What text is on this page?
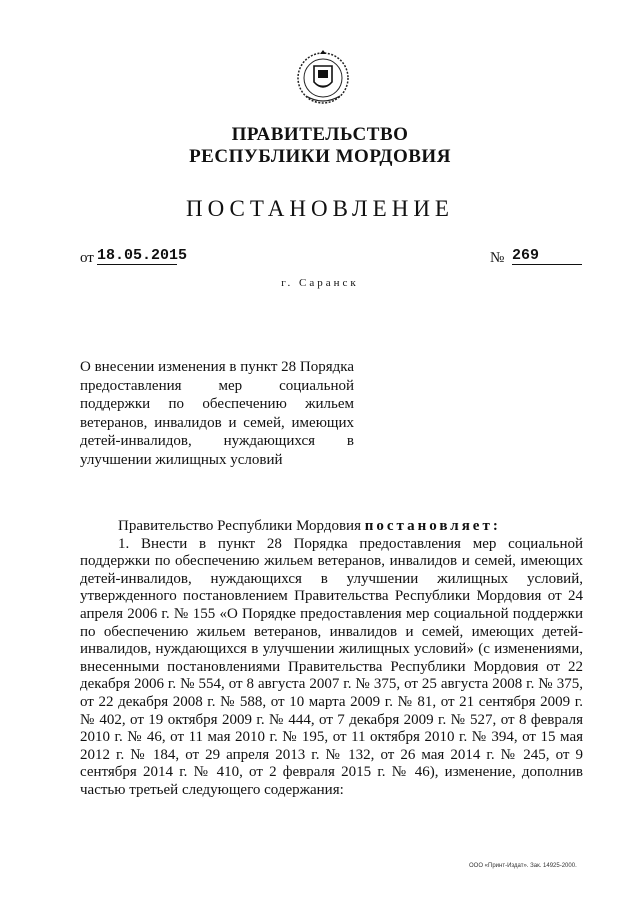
ПРАВИТЕЛЬСТВО
РЕСПУБЛИКИ МОРДОВИЯ
ПОСТАНОВЛЕНИЕ
от 18.05.2015	№ 269
г. Саранск
О внесении изменения в пункт 28 Порядка предоставления мер социальной поддержки по обеспечению жильем ветеранов, инвалидов и семей, имеющих детей-инвалидов, нуждающихся в улучшении жилищных условий

Правительство Республики Мордовия постановляет:

1. Внести в пункт 28 Порядка предоставления мер социальной поддержки по обеспечению жильем ветеранов, инвалидов и семей, имеющих детей-инвалидов, нуждающихся в улучшении жилищных условий, утвержденного постановлением Правительства Республики Мордовия от 24 апреля 2006 г. № 155 «О Порядке предоставления мер социальной поддержки по обеспечению жильем ветеранов, инвалидов и семей, имеющих детей-инвалидов, нуждающихся в улучшении жилищных условий» (с изменениями, внесенными постановлениями Правительства Республики Мордовия от 22 декабря 2006 г. № 554, от 8 августа 2007 г. № 375, от 25 августа 2008 г. № 375, от 22 декабря 2008 г. № 588, от 10 марта 2009 г. № 81, от 21 сентября 2009 г. № 402, от 19 октября 2009 г. № 444, от 7 декабря 2009 г. № 527, от 8 февраля 2010 г. № 46, от 11 мая 2010 г. № 195, от 11 октября 2010 г. № 394, от 15 мая 2012 г. № 184, от 29 апреля 2013 г. № 132, от 26 мая 2014 г. № 245, от 9 сентября 2014 г. № 410, от 2 февраля 2015 г. № 46), изменение, дополнив частью третьей следующего содержания:

ООО «Принт-Издат». Зак. 14925-2000.
